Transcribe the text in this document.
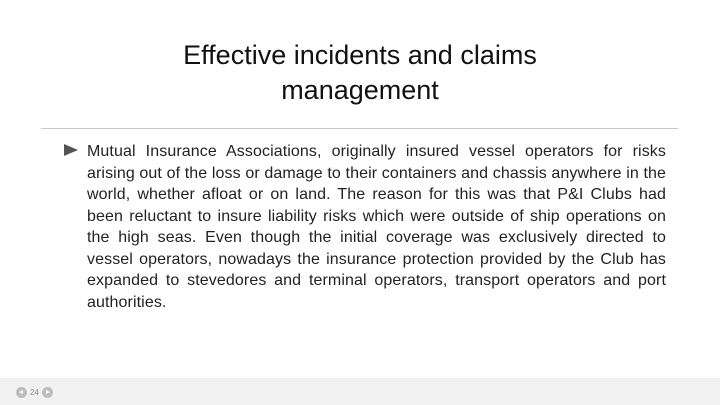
Effective incidents and claims
management
Mutual Insurance Associations, originally insured vessel operators for risks arising out of the loss or damage to their containers and chassis anywhere in the world, whether afloat or on land. The reason for this was that P&I Clubs had been reluctant to insure liability risks which were outside of ship operations on the high seas. Even though the initial coverage was exclusively directed to vessel operators, nowadays the insurance protection provided by the Club has expanded to stevedores and terminal operators, transport operators and port authorities.
24
